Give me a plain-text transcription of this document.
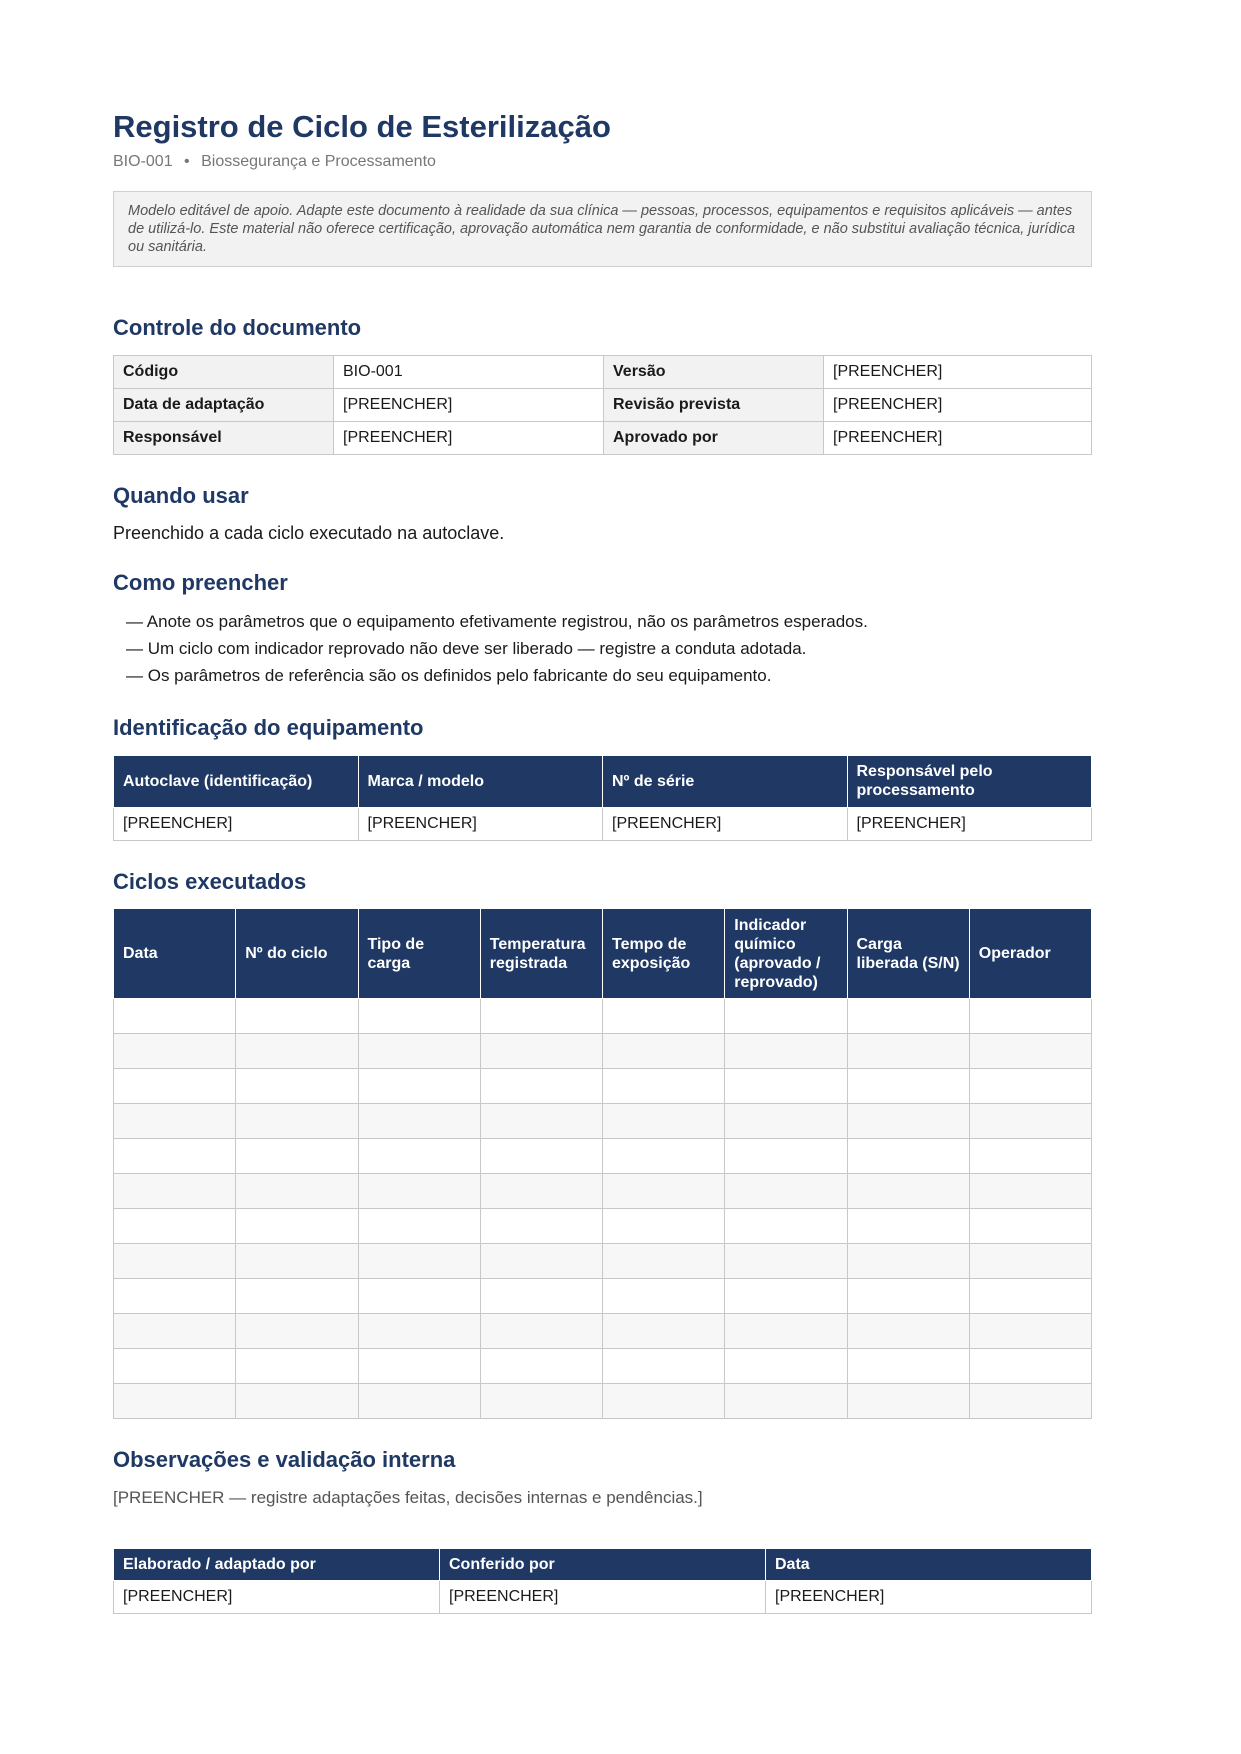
Registro de Ciclo de Esterilização
BIO-001 • Biossegurança e Processamento
Modelo editável de apoio. Adapte este documento à realidade da sua clínica — pessoas, processos, equipamentos e requisitos aplicáveis — antes de utilizá-lo. Este material não oferece certificação, aprovação automática nem garantia de conformidade, e não substitui avaliação técnica, jurídica ou sanitária.
Controle do documento
Código	BIO-001	Versão	[PREENCHER]
Data de adaptação	[PREENCHER]	Revisão prevista	[PREENCHER]
Responsável	[PREENCHER]	Aprovado por	[PREENCHER]
Quando usar
Preenchido a cada ciclo executado na autoclave.
Como preencher
— Anote os parâmetros que o equipamento efetivamente registrou, não os parâmetros esperados.
— Um ciclo com indicador reprovado não deve ser liberado — registre a conduta adotada.
— Os parâmetros de referência são os definidos pelo fabricante do seu equipamento.
Identificação do equipamento
Autoclave (identificação)	Marca / modelo	Nº de série	Responsável pelo processamento
[PREENCHER]	[PREENCHER]	[PREENCHER]	[PREENCHER]
Ciclos executados
Data	Nº do ciclo	Tipo de carga	Temperatura registrada	Tempo de exposição	Indicador químico (aprovado / reprovado)	Carga liberada (S/N)	Operador

Observações e validação interna
[PREENCHER — registre adaptações feitas, decisões internas e pendências.]
Elaborado / adaptado por	Conferido por	Data
[PREENCHER]	[PREENCHER]	[PREENCHER]
